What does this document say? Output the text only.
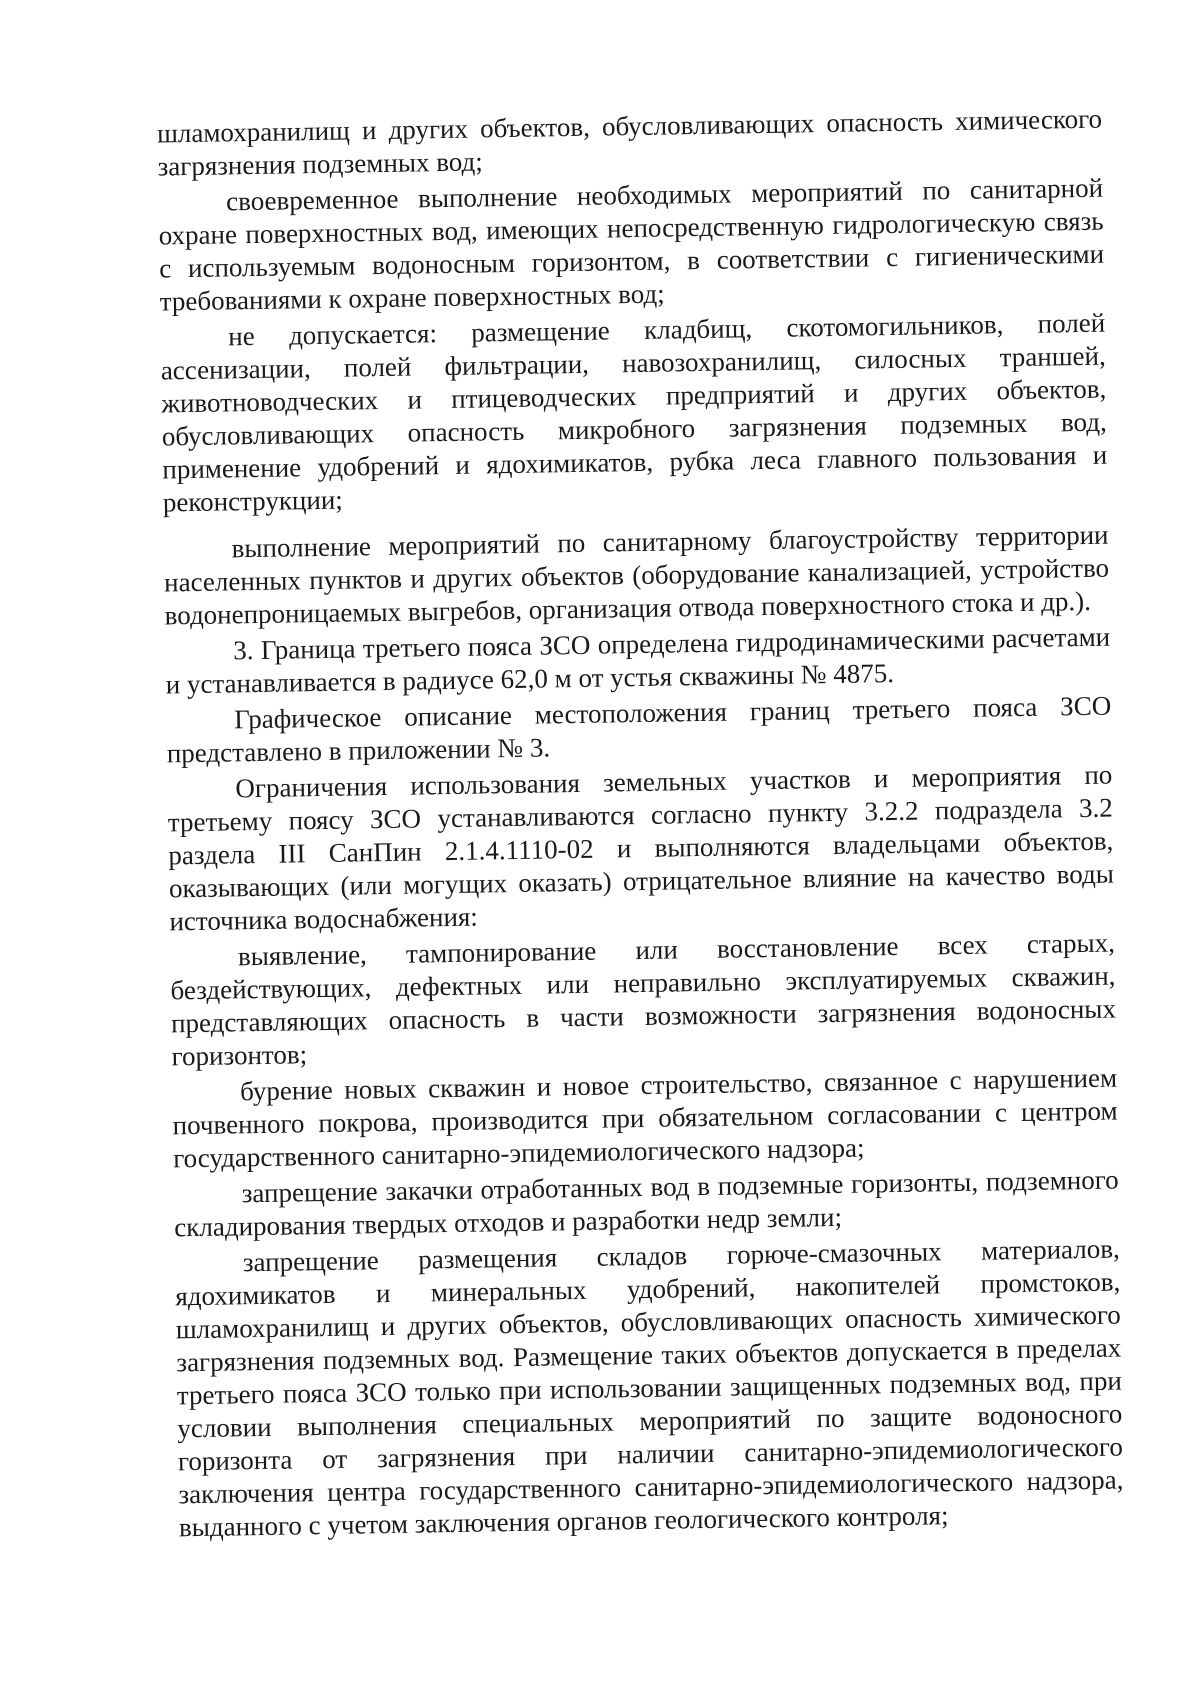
шламохранилищ и других объектов, обусловливающих опасность химического загрязнения подземных вод;

своевременное выполнение необходимых мероприятий по санитарной охране поверхностных вод, имеющих непосредственную гидрологическую связь с используемым водоносным горизонтом, в соответствии с гигиеническими требованиями к охране поверхностных вод;

не допускается: размещение кладбищ, скотомогильников, полей ассенизации, полей фильтрации, навозохранилищ, силосных траншей, животноводческих и птицеводческих предприятий и других объектов, обусловливающих опасность микробного загрязнения подземных вод, применение удобрений и ядохимикатов, рубка леса главного пользования и реконструкции;

выполнение мероприятий по санитарному благоустройству территории населенных пунктов и других объектов (оборудование канализацией, устройство водонепроницаемых выгребов, организация отвода поверхностного стока и др.).

3. Граница третьего пояса ЗСО определена гидродинамическими расчетами и устанавливается в радиусе 62,0 м от устья скважины № 4875.

Графическое описание местоположения границ третьего пояса ЗСО представлено в приложении № 3.

Ограничения использования земельных участков и мероприятия по третьему поясу ЗСО устанавливаются согласно пункту 3.2.2 подраздела 3.2 раздела III СанПин 2.1.4.1110-02 и выполняются владельцами объектов, оказывающих (или могущих оказать) отрицательное влияние на качество воды источника водоснабжения:

выявление, тампонирование или восстановление всех старых, бездействующих, дефектных или неправильно эксплуатируемых скважин, представляющих опасность в части возможности загрязнения водоносных горизонтов;

бурение новых скважин и новое строительство, связанное с нарушением почвенного покрова, производится при обязательном согласовании с центром государственного санитарно-эпидемиологического надзора;

запрещение закачки отработанных вод в подземные горизонты, подземного складирования твердых отходов и разработки недр земли;

запрещение размещения складов горюче-смазочных материалов, ядохимикатов и минеральных удобрений, накопителей промстоков, шламохранилищ и других объектов, обусловливающих опасность химического загрязнения подземных вод. Размещение таких объектов допускается в пределах третьего пояса ЗСО только при использовании защищенных подземных вод, при условии выполнения специальных мероприятий по защите водоносного горизонта от загрязнения при наличии санитарно-эпидемиологического заключения центра государственного санитарно-эпидемиологического надзора, выданного с учетом заключения органов геологического контроля;
